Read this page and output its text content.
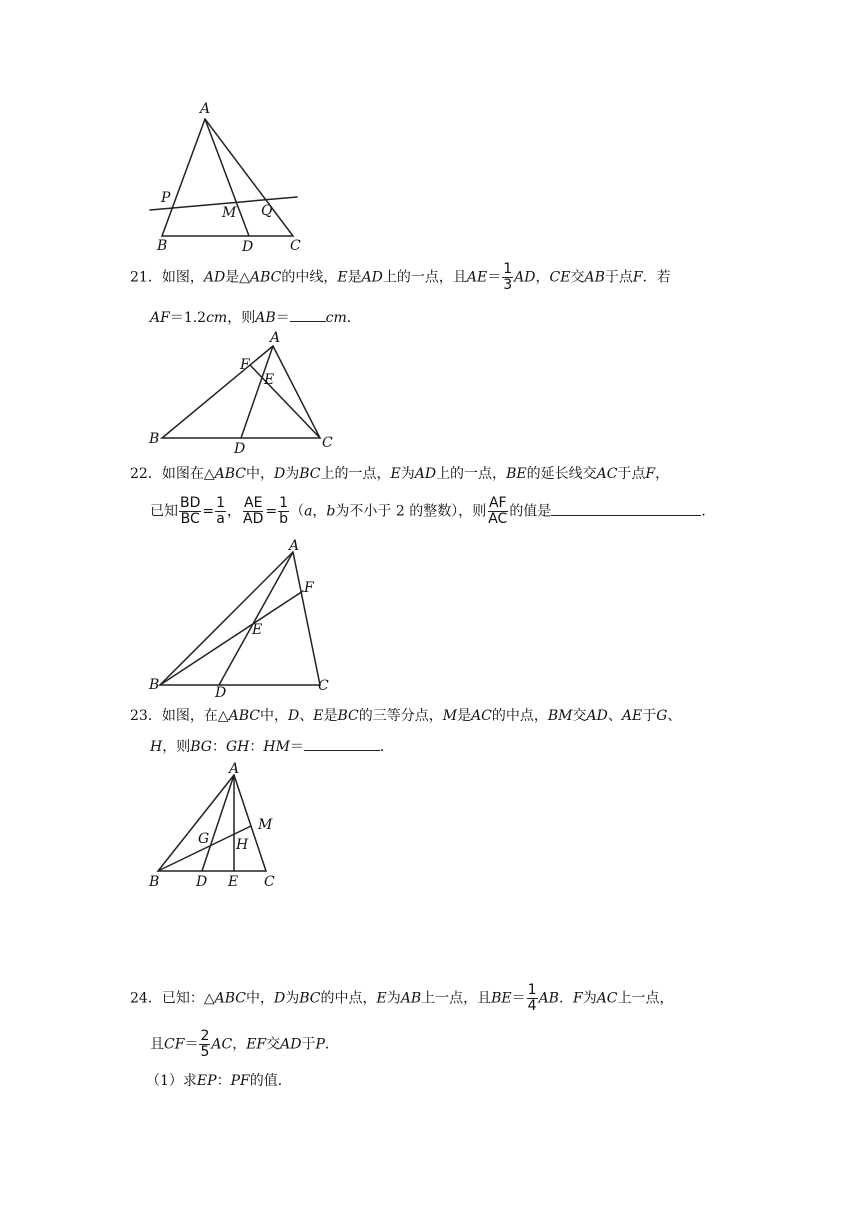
A
P
M Q
B	D	C
21．如图，AD是△ABC的中线，E是AD上的一点，且$AE= \frac{1}{3}$ AD，CE交AB于点F．若
AF＝1.2cm，则AB＝	cm．
A
F
E
B
D	C
22．如图在△ABC中，D为BC上的一点，E为AD上的一点，BE的延长线交AC于点F，
已知 $\frac{BD}{BC} = \frac{1}{a}$ ， $\frac{AE}{AD} = \frac{1}{b} (a$，b为不小于 2 的整数），则 $\frac{AF}{AC}$ 的值是	．
A
F
E
B	D	C
23．如图，在△ABC中，D、E是BC的三等分点，M是AC的中点，BM交AD、AE于G、
H，则BG：GH：HM＝	．
A
M
G H
B	D E C
24．已知：△ABC中，D为BC的中点，E为AB上一点，且$BE= \frac{1}{4}$ AB．F为AC上一点，
且$CF= \frac{2}{5}$ AC，EF交AD于P．
（1）求EP：PF的值．
